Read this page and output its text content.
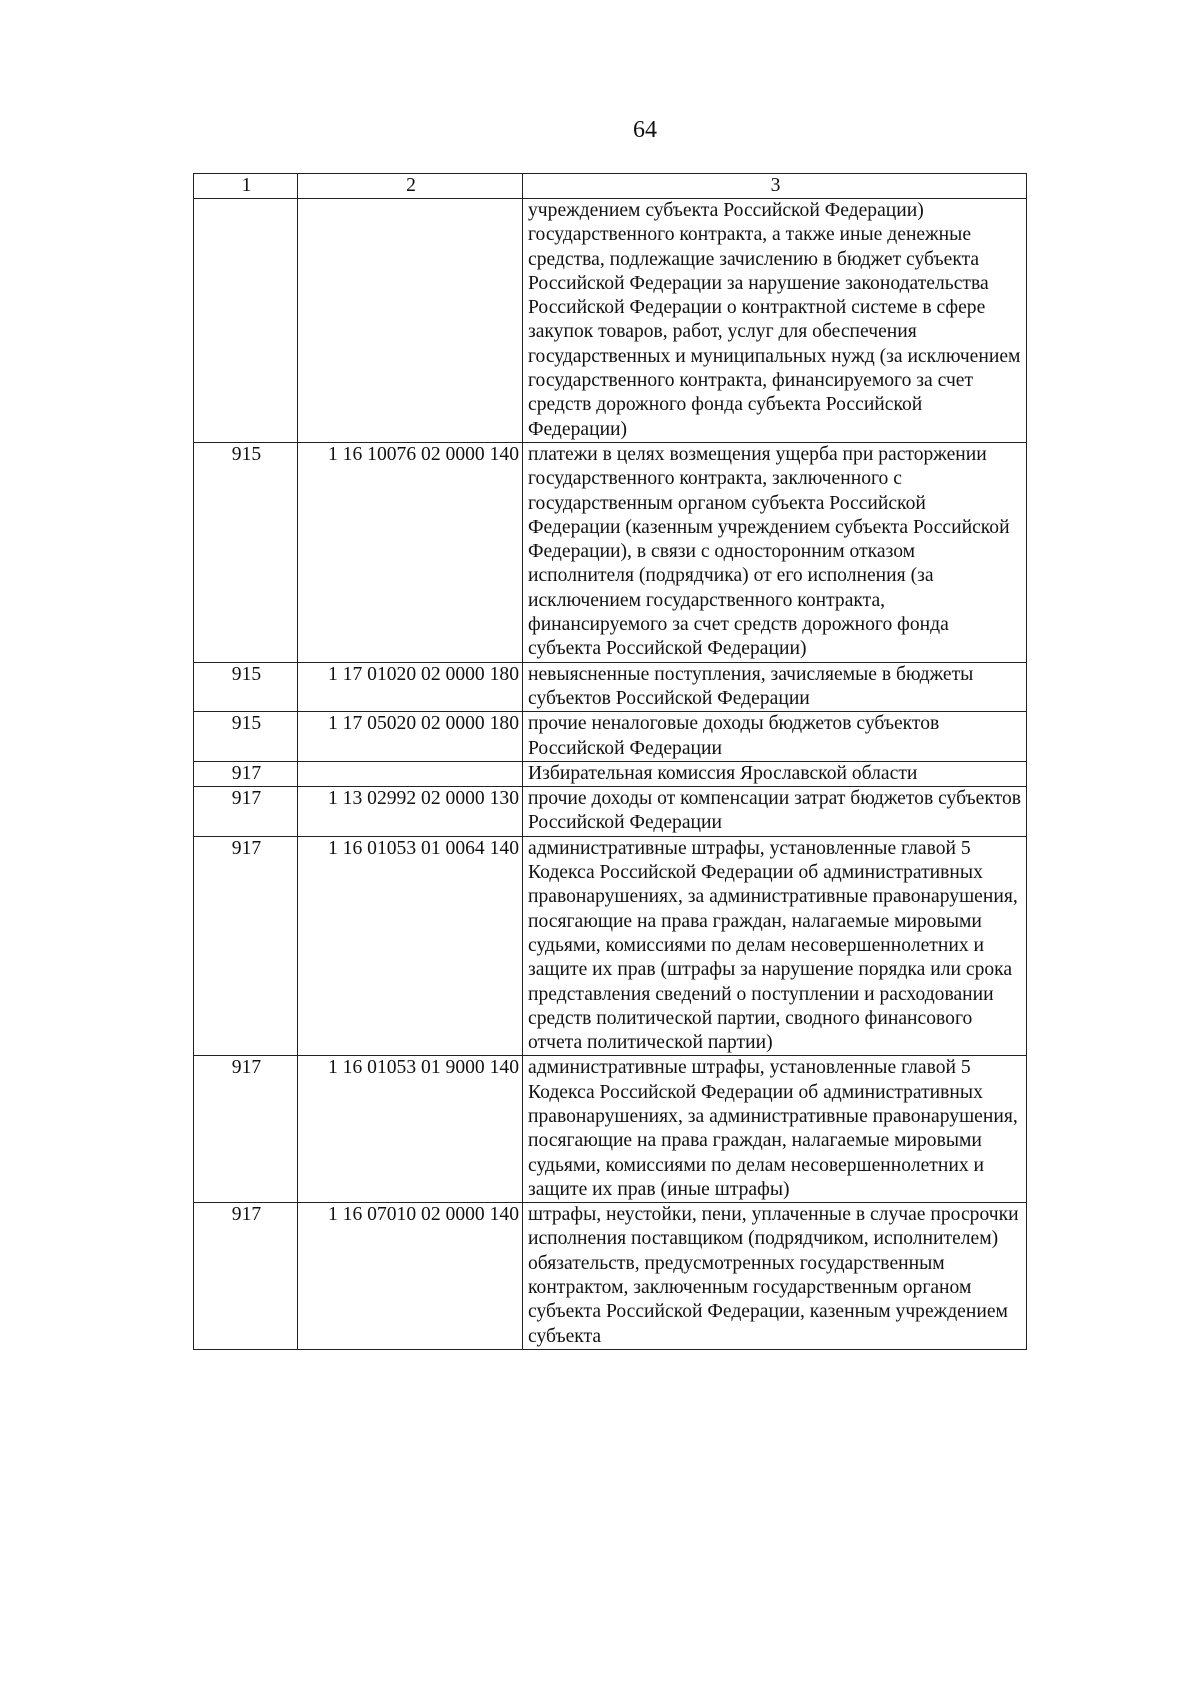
64
1	2	3
		учреждением субъекта Российской Федерации) государственного контракта, а также иные денежные средства, подлежащие зачислению в бюджет субъекта Российской Федерации за нарушение законодательства Российской Федерации о контрактной системе в сфере закупок товаров, работ, услуг для обеспечения государственных и муниципальных нужд (за исключением государственного контракта, финансируемого за счет средств дорожного фонда субъекта Российской Федерации)
915	1 16 10076 02 0000 140	платежи в целях возмещения ущерба при расторжении государственного контракта, заключенного с государственным органом субъекта Российской Федерации (казенным учреждением субъекта Российской Федерации), в связи с односторонним отказом исполнителя (подрядчика) от его исполнения (за исключением государственного контракта, финансируемого за счет средств дорожного фонда субъекта Российской Федерации)
915	1 17 01020 02 0000 180	невыясненные поступления, зачисляемые в бюджеты субъектов Российской Федерации
915	1 17 05020 02 0000 180	прочие неналоговые доходы бюджетов субъектов Российской Федерации
917		Избирательная комиссия Ярославской области
917	1 13 02992 02 0000 130	прочие доходы от компенсации затрат бюджетов субъектов Российской Федерации
917	1 16 01053 01 0064 140	административные штрафы, установленные главой 5 Кодекса Российской Федерации об административных правонарушениях, за административные правонарушения, посягающие на права граждан, налагаемые мировыми судьями, комиссиями по делам несовершеннолетних и защите их прав (штрафы за нарушение порядка или срока представления сведений о поступлении и расходовании средств политической партии, сводного финансового отчета политической партии)
917	1 16 01053 01 9000 140	административные штрафы, установленные главой 5 Кодекса Российской Федерации об административных правонарушениях, за административные правонарушения, посягающие на права граждан, налагаемые мировыми судьями, комиссиями по делам несовершеннолетних и защите их прав (иные штрафы)
917	1 16 07010 02 0000 140	штрафы, неустойки, пени, уплаченные в случае просрочки исполнения поставщиком (подрядчиком, исполнителем) обязательств, предусмотренных государственным контрактом, заключенным государственным органом субъекта Российской Федерации, казенным учреждением субъекта
